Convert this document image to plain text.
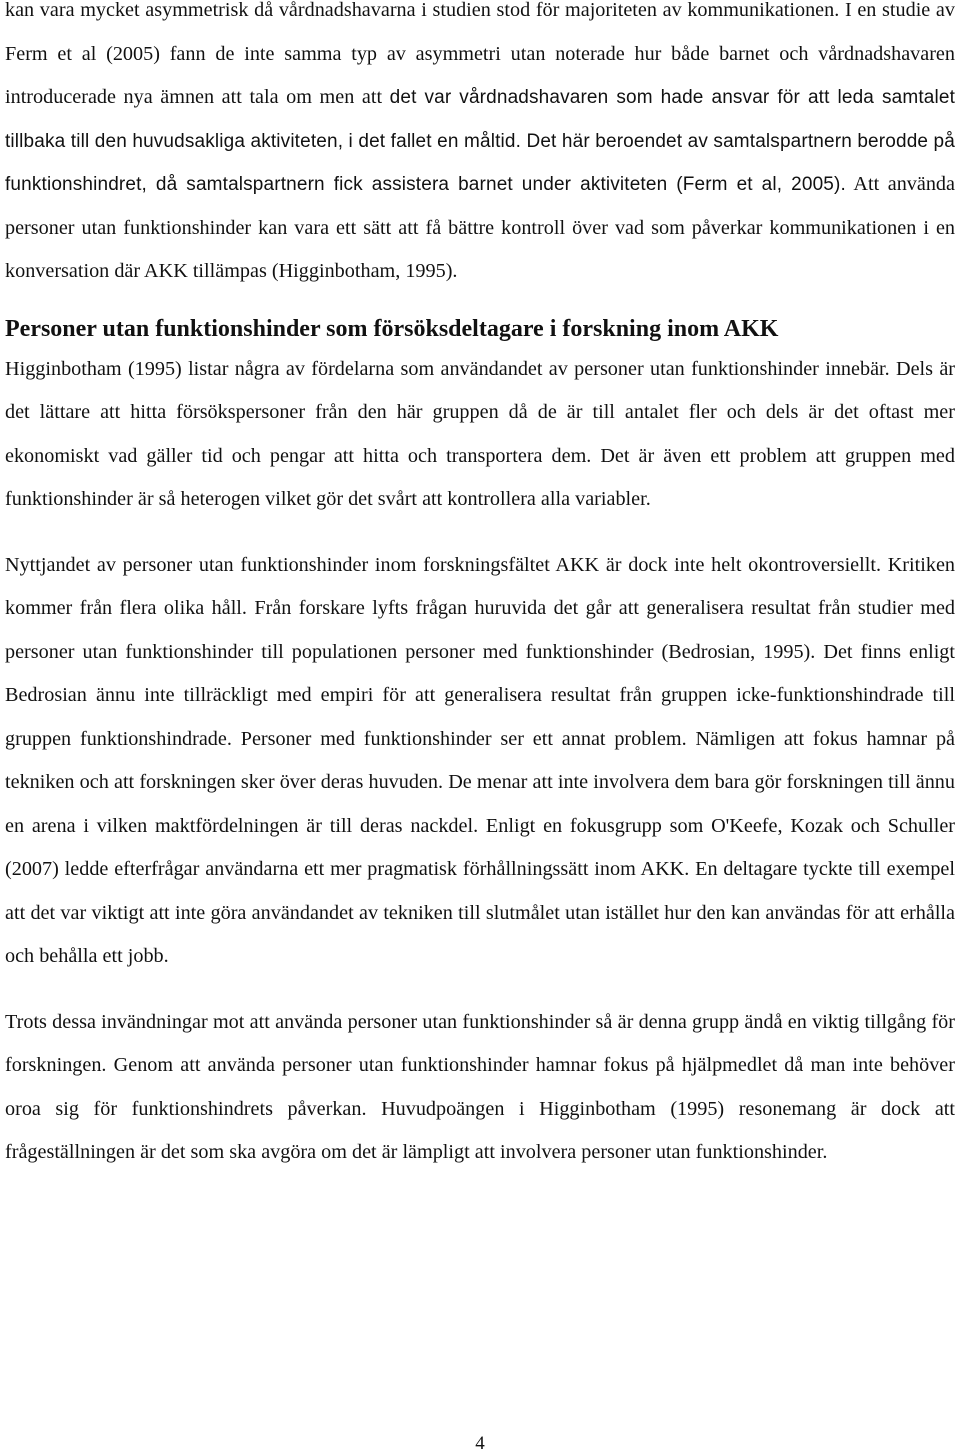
kan vara mycket asymmetrisk då vårdnadshavarna i studien stod för majoriteten av kommunikationen. I en studie av Ferm et al (2005) fann de inte samma typ av asymmetri utan noterade hur både barnet och vårdnadshavaren introducerade nya ämnen att tala om men att det var vårdnadshavaren som hade ansvar för att leda samtalet tillbaka till den huvudsakliga aktiviteten, i det fallet en måltid. Det här beroendet av samtalspartnern berodde på funktionshindret, då samtalspartnern fick assistera barnet under aktiviteten (Ferm et al, 2005). Att använda personer utan funktionshinder kan vara ett sätt att få bättre kontroll över vad som påverkar kommunikationen i en konversation där AKK tillämpas (Higginbotham, 1995).

Personer utan funktionshinder som försöksdeltagare i forskning inom AKK

Higginbotham (1995) listar några av fördelarna som användandet av personer utan funktionshinder innebär. Dels är det lättare att hitta försökspersoner från den här gruppen då de är till antalet fler och dels är det oftast mer ekonomiskt vad gäller tid och pengar att hitta och transportera dem. Det är även ett problem att gruppen med funktionshinder är så heterogen vilket gör det svårt att kontrollera alla variabler.

Nyttjandet av personer utan funktionshinder inom forskningsfältet AKK är dock inte helt okontroversiellt. Kritiken kommer från flera olika håll. Från forskare lyfts frågan huruvida det går att generalisera resultat från studier med personer utan funktionshinder till populationen personer med funktionshinder (Bedrosian, 1995). Det finns enligt Bedrosian ännu inte tillräckligt med empiri för att generalisera resultat från gruppen icke-funktionshindrade till gruppen funktionshindrade. Personer med funktionshinder ser ett annat problem. Nämligen att fokus hamnar på tekniken och att forskningen sker över deras huvuden. De menar att inte involvera dem bara gör forskningen till ännu en arena i vilken maktfördelningen är till deras nackdel. Enligt en fokusgrupp som O'Keefe, Kozak och Schuller (2007) ledde efterfrågar användarna ett mer pragmatisk förhållningssätt inom AKK. En deltagare tyckte till exempel att det var viktigt att inte göra användandet av tekniken till slutmålet utan istället hur den kan användas för att erhålla och behålla ett jobb.

Trots dessa invändningar mot att använda personer utan funktionshinder så är denna grupp ändå en viktig tillgång för forskningen. Genom att använda personer utan funktionshinder hamnar fokus på hjälpmedlet då man inte behöver oroa sig för funktionshindrets påverkan. Huvudpoängen i Higginbotham (1995) resonemang är dock att frågeställningen är det som ska avgöra om det är lämpligt att involvera personer utan funktionshinder.

4
